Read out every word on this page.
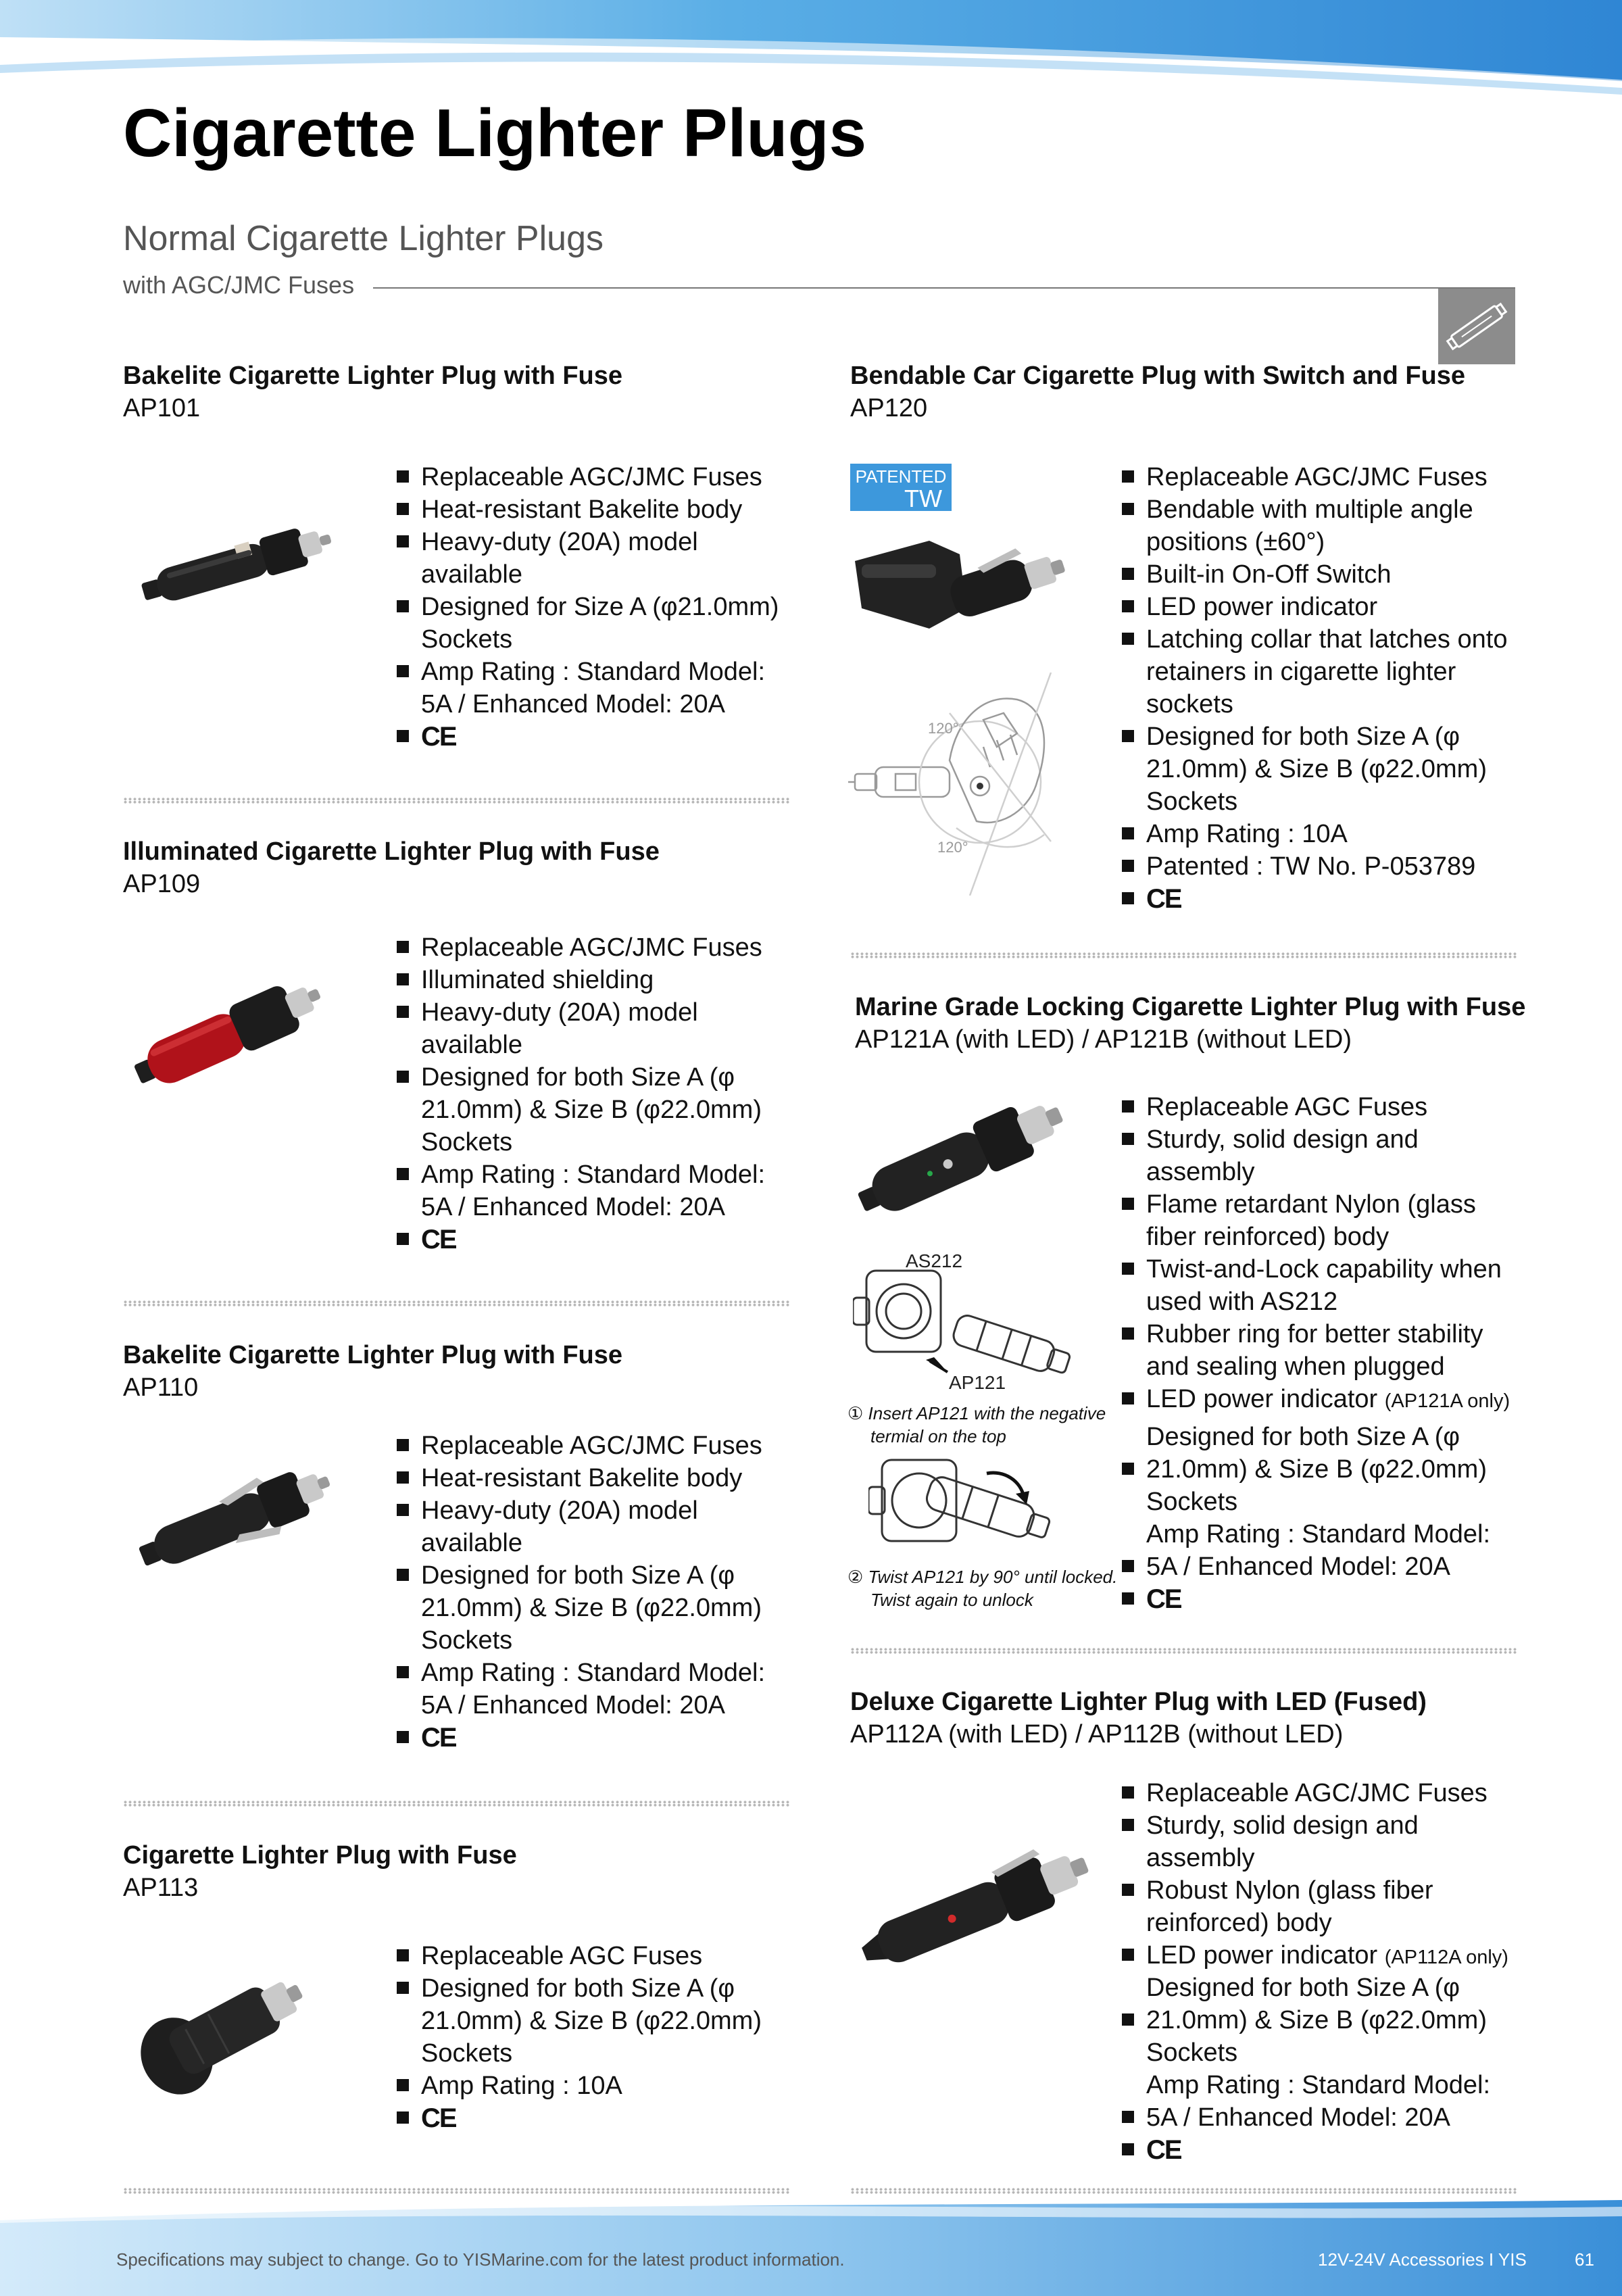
Cigarette Lighter Plugs
Normal Cigarette Lighter Plugs
with AGC/JMC Fuses
Bakelite Cigarette Lighter Plug with Fuse
AP101
Replaceable AGC/JMC Fuses
Heat-resistant Bakelite body
Heavy-duty (20A) model available
Designed for Size A (φ21.0mm) Sockets
Amp Rating : Standard Model: 5A / Enhanced Model: 20A
CE
Illuminated Cigarette Lighter Plug with Fuse
AP109
Replaceable AGC/JMC Fuses
Illuminated shielding
Heavy-duty (20A) model available
Designed for both Size A (φ 21.0mm) & Size B (φ22.0mm) Sockets
Amp Rating : Standard Model: 5A / Enhanced Model: 20A
CE
Bakelite Cigarette Lighter Plug with Fuse
AP110
Replaceable AGC/JMC Fuses
Heat-resistant Bakelite body
Heavy-duty (20A) model available
Designed for both Size A (φ 21.0mm) & Size B (φ22.0mm) Sockets
Amp Rating : Standard Model: 5A / Enhanced Model: 20A
CE
Cigarette Lighter Plug with Fuse
AP113
Replaceable AGC Fuses
Designed for both Size A (φ 21.0mm) & Size B (φ22.0mm) Sockets
Amp Rating : 10A
CE
Bendable Car Cigarette Plug with Switch and Fuse
AP120
PATENTED
TW
120°
120°
Replaceable AGC/JMC Fuses
Bendable with multiple angle positions (±60°)
Built-in On-Off Switch
LED power indicator
Latching collar that latches onto retainers in cigarette lighter sockets
Designed for both Size A (φ 21.0mm) & Size B (φ22.0mm) Sockets
Amp Rating : 10A
Patented : TW No. P-053789
CE
Marine Grade Locking Cigarette Lighter Plug with Fuse
AP121A (with LED) / AP121B (without LED)
AS212
AP121
① Insert AP121 with the negative
termial on the top
② Twist AP121 by 90° until locked.
Twist again to unlock
Replaceable AGC Fuses
Sturdy, solid design and assembly
Flame retardant Nylon (glass fiber reinforced) body
Twist-and-Lock capability when used with AS212
Rubber ring for better stability and sealing when plugged
LED power indicator (AP121A only)
Designed for both Size A (φ
21.0mm) & Size B (φ22.0mm)
Sockets
Amp Rating : Standard Model:
5A / Enhanced Model: 20A
CE
Deluxe Cigarette Lighter Plug with LED (Fused)
AP112A (with LED) / AP112B (without LED)
Replaceable AGC/JMC Fuses
Sturdy, solid design and assembly
Robust Nylon (glass fiber reinforced) body
LED power indicator (AP112A only)
Designed for both Size A (φ
21.0mm) & Size B (φ22.0mm)
Sockets
Amp Rating : Standard Model:
5A / Enhanced Model: 20A
CE
Specifications may subject to change. Go to YISMarine.com for the latest product information.	12V-24V Accessories I YIS	61
